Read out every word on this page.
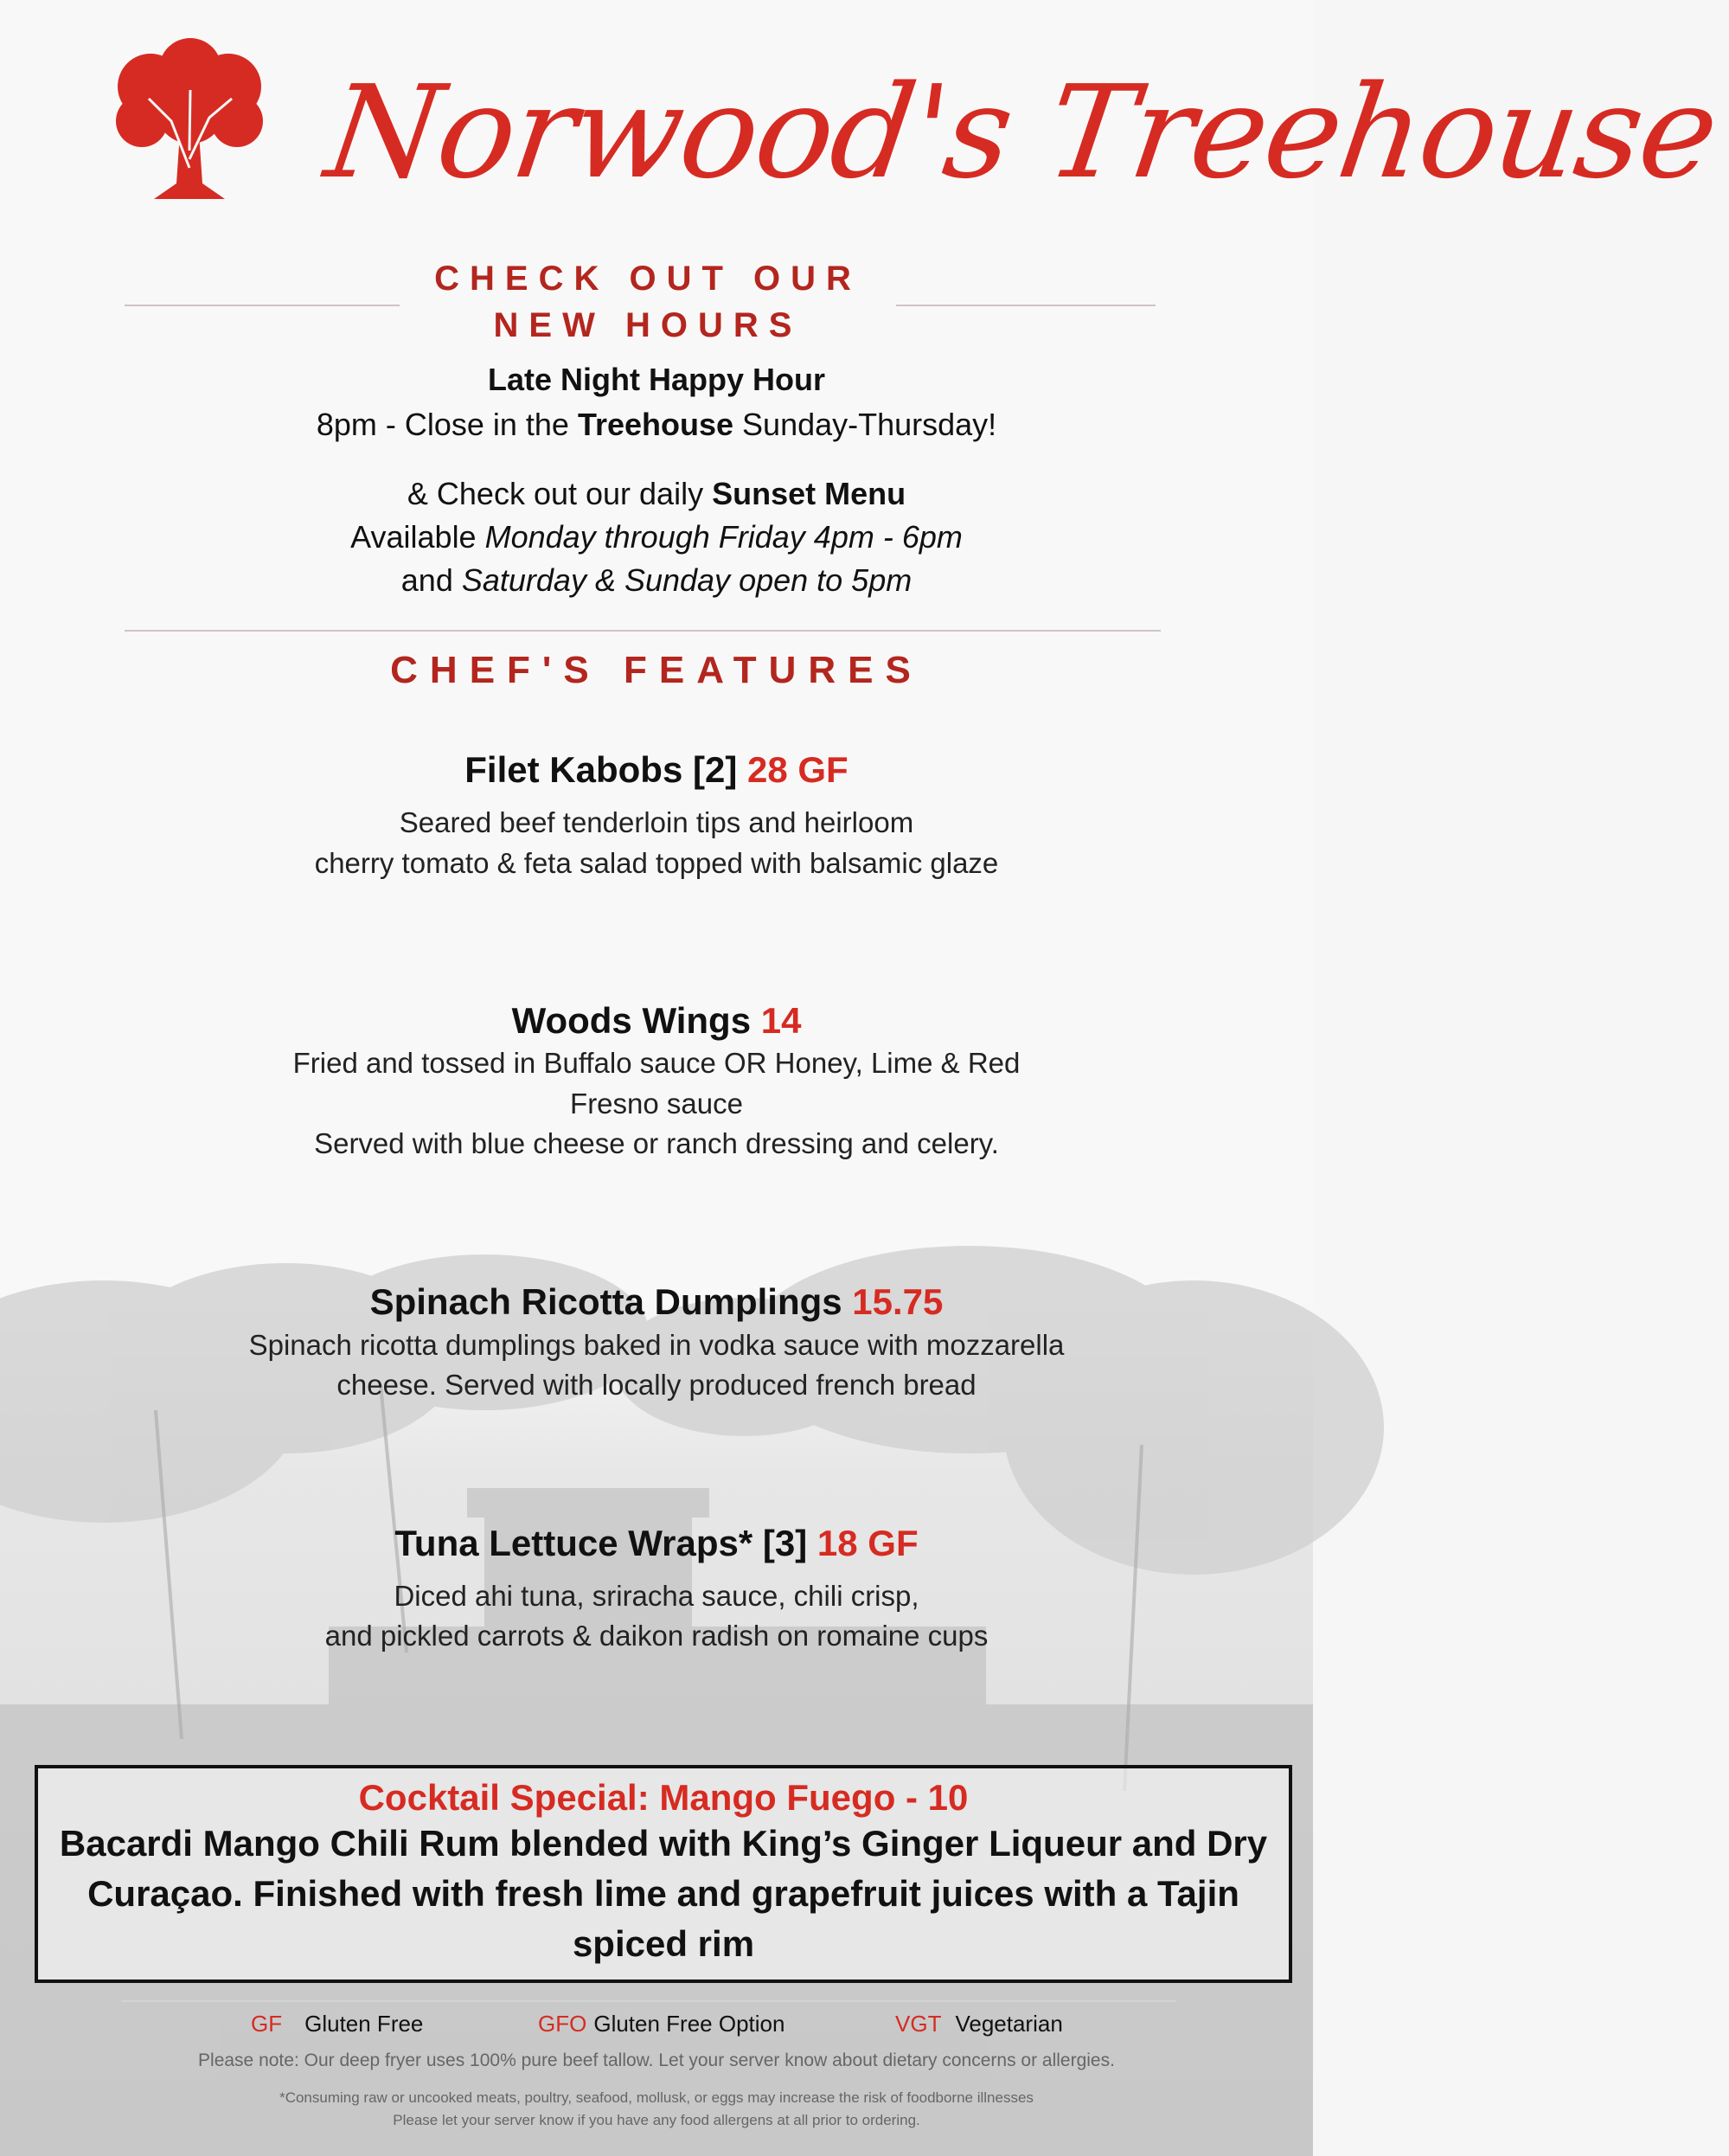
Norwood's Treehouse
CHECK OUT OUR
NEW HOURS
Late Night Happy Hour
8pm - Close in the Treehouse Sunday-Thursday!
& Check out our daily Sunset Menu
Available Monday through Friday 4pm - 6pm
and Saturday & Sunday open to 5pm
CHEF'S FEATURES
Filet Kabobs [2] 28 GF
Seared beef tenderloin tips and heirloom
cherry tomato & feta salad topped with balsamic glaze
Woods Wings 14
Fried and tossed in Buffalo sauce OR Honey, Lime & Red
Fresno sauce
Served with blue cheese or ranch dressing and celery.
Spinach Ricotta Dumplings 15.75
Spinach ricotta dumplings baked in vodka sauce with mozzarella
cheese. Served with locally produced french bread
Tuna Lettuce Wraps* [3] 18 GF
Diced ahi tuna, sriracha sauce, chili crisp,
and pickled carrots & daikon radish on romaine cups
Cocktail Special: Mango Fuego - 10
Bacardi Mango Chili Rum blended with King’s Ginger Liqueur and Dry
Curaçao. Finished with fresh lime and grapefruit juices with a Tajin
spiced rim
GF Gluten Free	GFO Gluten Free Option	VGT Vegetarian
Please note: Our deep fryer uses 100% pure beef tallow. Let your server know about dietary concerns or allergies.
*Consuming raw or uncooked meats, poultry, seafood, mollusk, or eggs may increase the risk of foodborne illnesses
Please let your server know if you have any food allergens at all prior to ordering.
